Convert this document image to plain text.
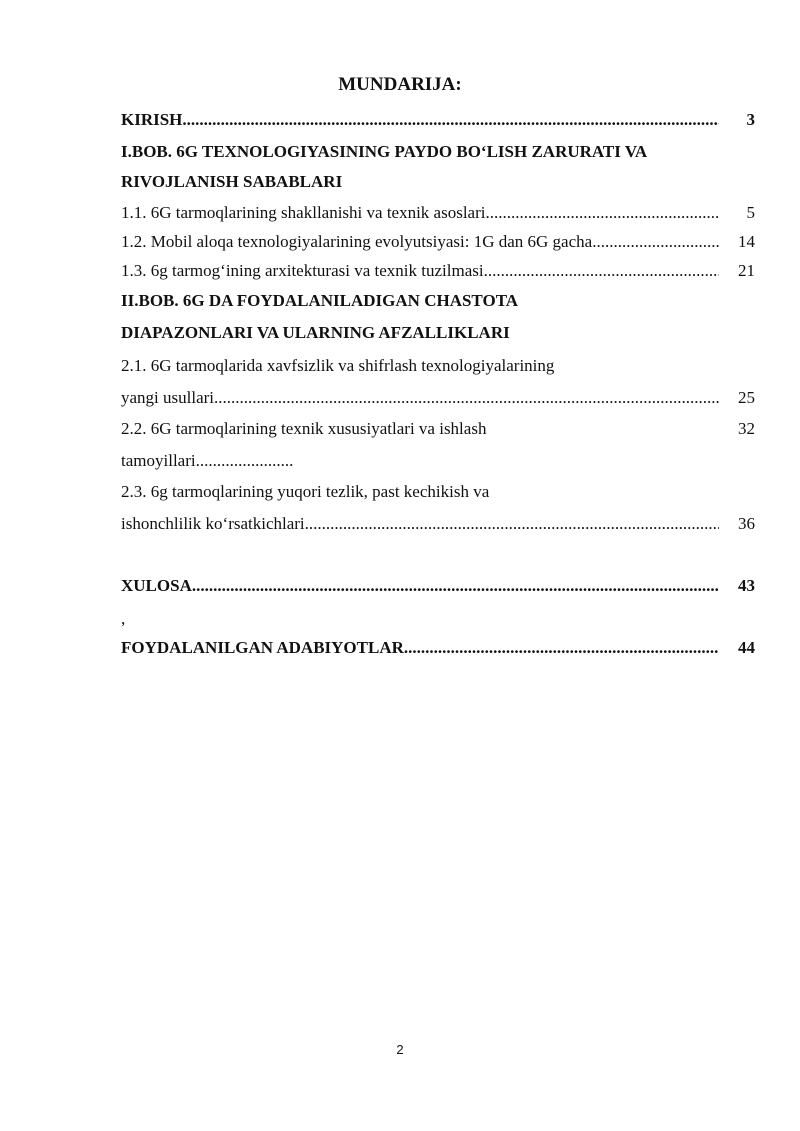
MUNDARIJA:
KIRISH .....	3
I.BOB. 6G TEXNOLOGIYASINING PAYDO BO‘LISH ZARURATI VA
RIVOJLANISH SABABLARI
1.1. 6G tarmoqlarining shakllanishi va texnik asoslari .....	5
1.2. Mobil aloqa texnologiyalarining evolyutsiyasi: 1G dan 6G gacha .....	14
1.3. 6g tarmog‘ining arxitekturasi va texnik tuzilmasi .....	21
II.BOB. 6G DA FOYDALANILADIGAN CHASTOTA
DIAPAZONLARI VA ULARNING AFZALLIKLARI
2.1. 6G tarmoqlarida xavfsizlik va shifrlash texnologiyalarining
yangi usullari .....	25
2.2. 6G tarmoqlarining texnik xususiyatlari va ishlash	32
tamoyillari.......................
2.3. 6g tarmoqlarining yuqori tezlik, past kechikish va
ishonchlilik ko‘rsatkichlari .....	36
XULOSA .....	43
,
FOYDALANILGAN ADABIYOTLAR .....	44
2
